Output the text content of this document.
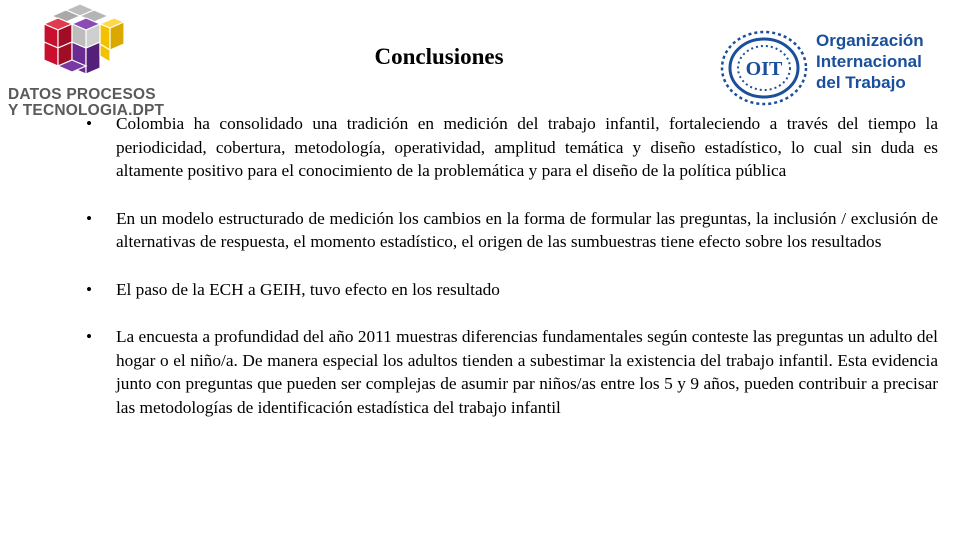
DATOS PROCESOS
Y TECNOLOGIA.DPT
OIT
Organización
Internacional
del Trabajo
Conclusiones
• Colombia ha consolidado una tradición en medición del trabajo infantil, fortaleciendo a través del tiempo la periodicidad, cobertura, metodología, operatividad, amplitud temática y diseño estadístico, lo cual sin duda es altamente positivo para el conocimiento de la problemática y para el diseño de la política pública
• En un modelo estructurado de medición los cambios en la forma de formular las preguntas, la inclusión / exclusión de alternativas de respuesta, el momento estadístico, el origen de las sumbuestras tiene efecto sobre los resultados
• El paso de la ECH a GEIH, tuvo efecto en los resultado
• La encuesta a profundidad del año 2011 muestras diferencias fundamentales según conteste las preguntas un adulto del hogar o el niño/a. De manera especial los adultos tienden a subestimar la existencia del trabajo infantil. Esta evidencia junto con preguntas que pueden ser complejas de asumir par niños/as entre los 5 y 9 años, pueden contribuir a precisar las metodologías de identificación estadística del trabajo infantil
